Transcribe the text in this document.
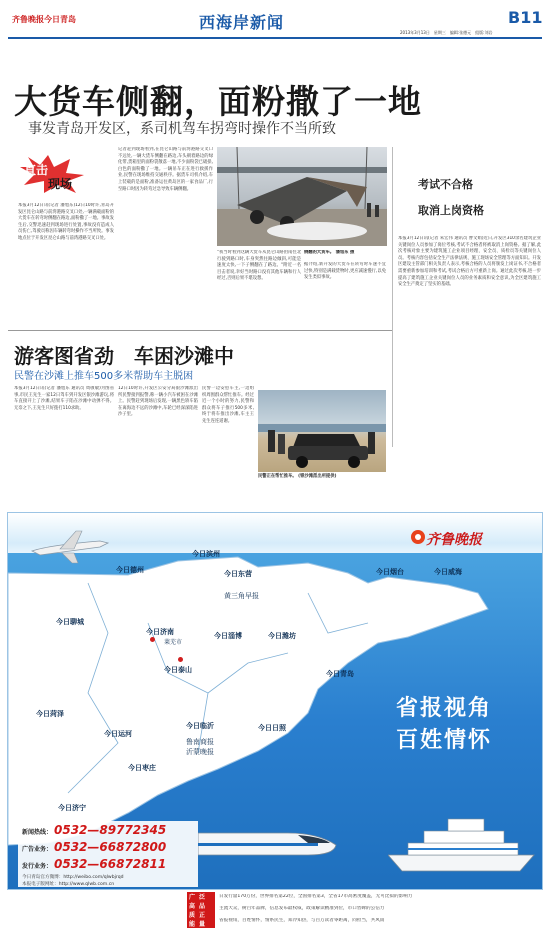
齐鲁晚报今日青岛	西海岸新闻	B11
2013年3月13日　星期三　编辑:张德元　组版:刘岩
大货车侧翻，面粉撒了一地
事发青岛开发区，系司机驾车拐弯时操作不当所致
直击
现场
本报3月12日讯(记者 潘旭东)12日10时许,青岛开发区昆仑山路与前湾港路交叉口处,一辆满载面粉的大货车在转弯时侧翻在路边,面粉撒了一地。事故发生后,交警迅速赶到现场进行处置,事故没有造成人员伤亡,驾驶员称因车辆转弯时操作不当所致。事发地点位于开发区昆仑山路与前湾港路交叉口处。
记者赶到现场看到,在昆仑山路与前湾港路交叉口不远处,一辆大货车侧翻在路边,车头朝着路边的绿化带,货箱里的面粉袋散落一地,不少面粉袋已破损,白色的面粉撒了一地。一辆吊车正在进行救援作业,民警在现场维持交通秩序。据货车司机介绍,车上装载的是面粉,准备运往黄岛区的一家食品厂,行至路口时因为转弯过急导致车辆侧翻。
"我当时看到这辆大货车从昆仑山路由南往北行驶到路口时,车身突然往路边倾斜,可能是速度太快,一下子侧翻在了路边。"附近一名目击者说,幸好当时路口没有其他车辆和行人经过,否则后果不堪设想。
侧翻的大货车。 潘旭东 摄
据介绍,新开发的大货车在转弯时车速不宜过快,特别是满载货物时,更应减速慢行,以免发生类似事故。
考试不合格
取消上岗资格
本报3月12日讯(记者 朱宏伟 通讯员 曹文娟)近日,开发区310余名建筑企业关键岗位人员参加了岗位考核,考试不合格者将被取消上岗资格。据了解,此次考核对象主要为建筑施工企业项目经理、安全员、质检员等关键岗位人员。考核内容包括安全生产法律法规、施工现场安全管理等方面知识。开发区建设主管部门相关负责人表示,考核合格的人员将颁发上岗证书,不合格者需要重新参加培训和考试,考试合格后方可重新上岗。通过此次考核,进一步提高了建筑施工企业关键岗位人员的业务素质和安全意识,为全区建筑施工安全生产奠定了坚实的基础。
游客图省劲　车困沙滩中
民警在沙滩上推车500多米帮助车主脱困
本报3月12日讯(记者 潘旭东 通讯员 周敬敏)为图省事,市民王先生一家12日驾车到开发区银沙滩游玩,将车直接开上了沙滩,结果车子陷在沙滩中动弹不得。无奈之下,王先生只好拨打110求助。
12日10时许,开发区公安分局银沙滩派出所民警接到报警,称一辆小汽车被困在沙滩上。民警赶到现场后发现,一辆黑色轿车陷在离海边不远的沙滩中,车轮已经深深陷进沙子里。
民警一边安慰车主,一边组织周围群众帮忙推车。经过近一个小时的努力,民警和群众将车子推行500多米,终于将车推出沙滩,车主王先生连连道谢。
民警正在帮忙推车。 (银沙滩派出所提供)
齐鲁晚报
今日德州
今日滨州
今日东营	今日烟台	今日威海
今日聊城
今日济南	今日淄博	今日潍坊
今日泰山	今日青岛
今日菏泽
今日运河
今日临沂	今日日照
今日枣庄
今日济宁
黄三角早报
莱芜市
鲁南商报
沂蒙晚报
省报视角
百姓情怀
新闻热线： 0532—89772345
广告业务： 0532—66872800
发行业务： 0532—66872811
今日青岛官方微博：http://weibo.com/qlwbjrqd
本报电子版网址：http://www.qlwb.com.cn
广 泛
高 品
质 正
能 量
日发行量170万份，世界排名第22位，全国排名第3，全省17市高密度覆盖，无可比拟的影响力
主流大众，树百年品牌，信息发布最权威，政策解读精准到位，市口皆碑的公信力
省报视角，百姓情怀，情系民生，知冷知热，与百万读者零距离，同担当，共风雨
